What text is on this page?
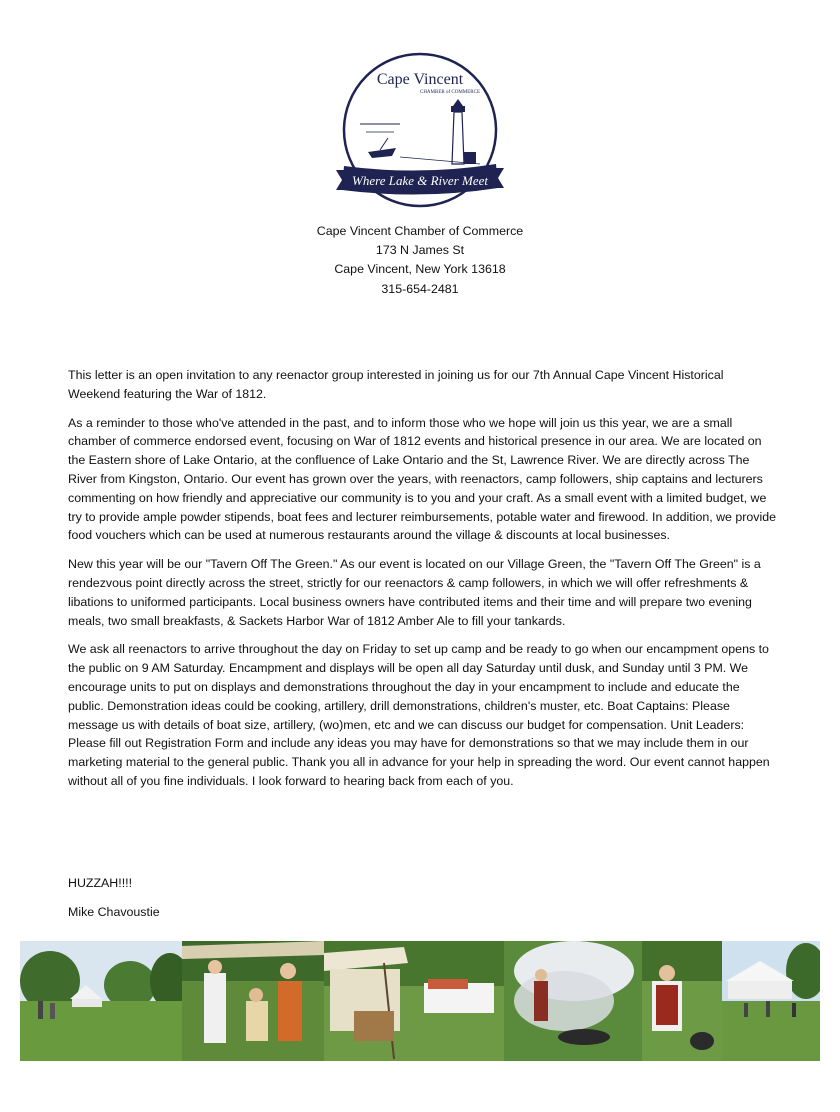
Cape Vincent
CHAMBER of COMMERCE
Where Lake & River Meet
Cape Vincent Chamber of Commerce
173 N James St
Cape Vincent, New York 13618
315-654-2481

This letter is an open invitation to any reenactor group interested in joining us for our 7th Annual Cape Vincent Historical Weekend featuring the War of 1812.

As a reminder to those who've attended in the past, and to inform those who we hope will join us this year, we are a small chamber of commerce endorsed event, focusing on War of 1812 events and historical presence in our area. We are located on the Eastern shore of Lake Ontario, at the confluence of Lake Ontario and the St, Lawrence River. We are directly across The River from Kingston, Ontario. Our event has grown over the years, with reenactors, camp followers, ship captains and lecturers commenting on how friendly and appreciative our community is to you and your craft. As a small event with a limited budget, we try to provide ample powder stipends, boat fees and lecturer reimbursements, potable water and firewood. In addition, we provide food vouchers which can be used at numerous restaurants around the village & discounts at local businesses.

New this year will be our "Tavern Off The Green." As our event is located on our Village Green, the "Tavern Off The Green" is a rendezvous point directly across the street, strictly for our reenactors & camp followers, in which we will offer refreshments & libations to uniformed participants. Local business owners have contributed items and their time and will prepare two evening meals, two small breakfasts, & Sackets Harbor War of 1812 Amber Ale to fill your tankards.

We ask all reenactors to arrive throughout the day on Friday to set up camp and be ready to go when our encampment opens to the public on 9 AM Saturday. Encampment and displays will be open all day Saturday until dusk, and Sunday until 3 PM. We encourage units to put on displays and demonstrations throughout the day in your encampment to include and educate the public. Demonstration ideas could be cooking, artillery, drill demonstrations, children's muster, etc. Boat Captains: Please message us with details of boat size, artillery, (wo)men, etc and we can discuss our budget for compensation. Unit Leaders: Please fill out Registration Form and include any ideas you may have for demonstrations so that we may include them in our marketing material to the general public. Thank you all in advance for your help in spreading the word. Our event cannot happen without all of you fine individuals. I look forward to hearing back from each of you.

HUZZAH!!!!

Mike Chavoustie
